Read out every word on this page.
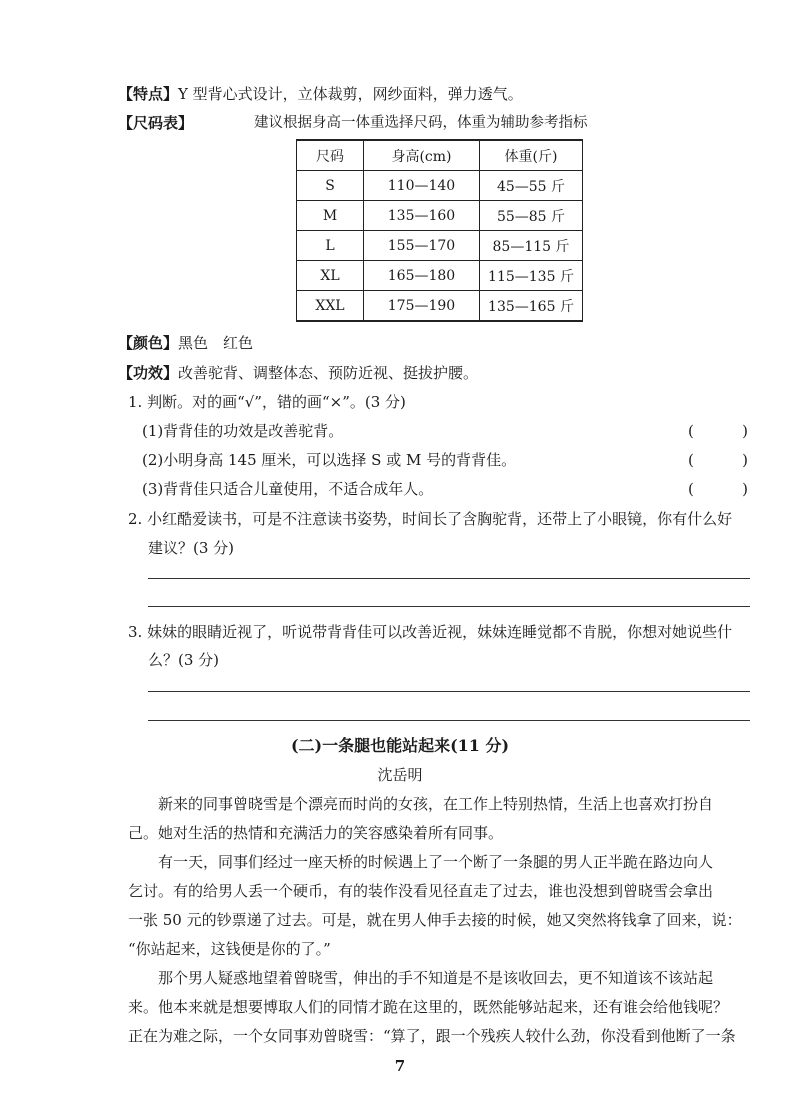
【特点】Y 型背心式设计，立体裁剪，网纱面料，弹力透气。
【尺码表】	建议根据身高一体重选择尺码，体重为辅助参考指标
尺码	身高(cm)	体重(斤)
S	110—140	45—55 斤
M	135—160	55—85 斤
L	155—170	85—115 斤
XL	165—180	115—135 斤
XXL	175—190	135—165 斤
【颜色】黑色　红色
【功效】改善驼背、调整体态、预防近视、挺拔护腰。
1. 判断。对的画“√”，错的画“×”。(3 分)
(1)背背佳的功效是改善驼背。	(	)
(2)小明身高 145 厘米，可以选择 S 或 M 号的背背佳。	(	)
(3)背背佳只适合儿童使用，不适合成年人。	(	)
2. 小红酷爱读书，可是不注意读书姿势，时间长了含胸驼背，还带上了小眼镜，你有什么好
建议？(3 分)
3. 妹妹的眼睛近视了，听说带背背佳可以改善近视，妹妹连睡觉都不肯脱，你想对她说些什
么？(3 分)
(二)一条腿也能站起来(11 分)
沈岳明
新来的同事曾晓雪是个漂亮而时尚的女孩，在工作上特别热情，生活上也喜欢打扮自
己。她对生活的热情和充满活力的笑容感染着所有同事。
有一天，同事们经过一座天桥的时候遇上了一个断了一条腿的男人正半跪在路边向人
乞讨。有的给男人丢一个硬币，有的装作没看见径直走了过去，谁也没想到曾晓雪会拿出
一张 50 元的钞票递了过去。可是，就在男人伸手去接的时候，她又突然将钱拿了回来，说：
“你站起来，这钱便是你的了。”
那个男人疑惑地望着曾晓雪，伸出的手不知道是不是该收回去，更不知道该不该站起
来。他本来就是想要博取人们的同情才跪在这里的，既然能够站起来，还有谁会给他钱呢？
正在为难之际，一个女同事劝曾晓雪：“算了，跟一个残疾人较什么劲，你没看到他断了一条
7
